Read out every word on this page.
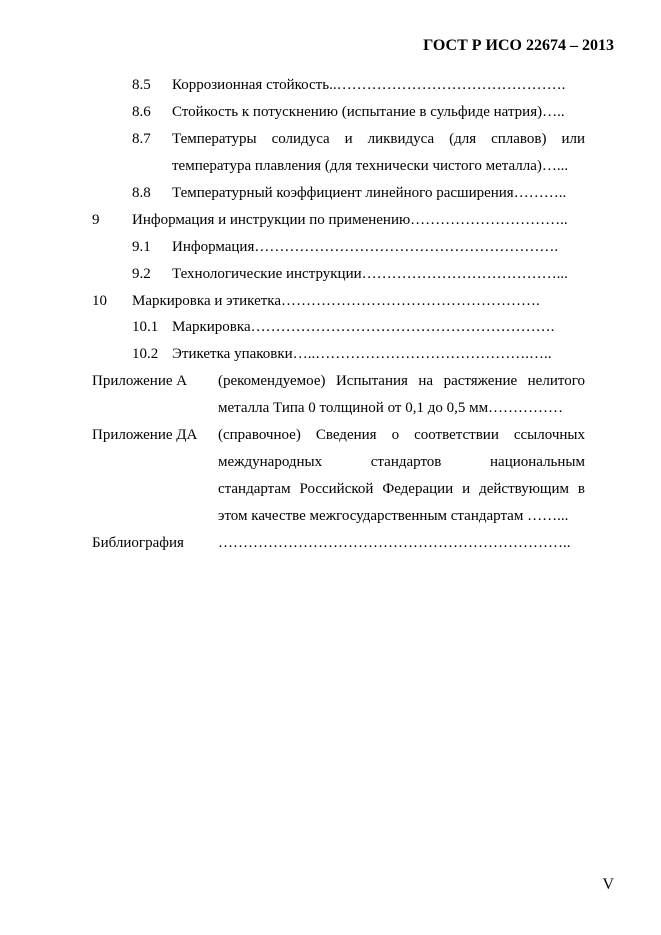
ГОСТ Р ИСО 22674 – 2013
8.5 Коррозионная стойкость..……………………………………….
8.6 Стойкость к потускнению (испытание в сульфиде натрия)…..
8.7 Температуры солидуса и ликвидуса (для сплавов) или
температура плавления (для технически чистого металла)…...
8.8 Температурный коэффициент линейного расширения………..
9 Информация и инструкции по применению…………………………..
9.1 Информация…………………………………………………….
9.2 Технологические инструкции…………………………………...
10 Маркировка и этикетка…………………………………………….
10.1 Маркировка…………………………………………………….
10.2 Этикетка упаковки…..…………………………………….…..
Приложение А (рекомендуемое) Испытания на растяжение нелитого
металла Типа 0 толщиной от 0,1 до 0,5 мм……………
Приложение ДА (справочное) Сведения о соответствии ссылочных
международных стандартов национальным
стандартам Российской Федерации и действующим в
этом качестве межгосударственным стандартам ……...
Библиография ……………………………………………………………..
V
